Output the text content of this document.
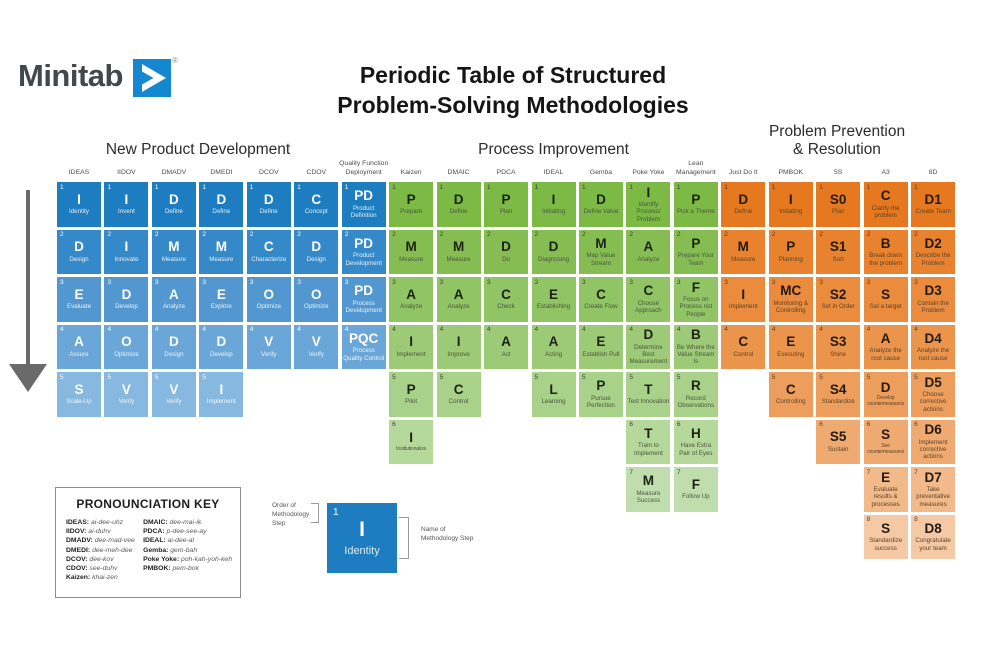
Minitab	®
Periodic Table of Structured
Problem-Solving Methodologies
New Product Development	Process Improvement
Problem Prevention & Resolution
IDEAS
1
I
Identity
2
D
Design
3
E
Evaluate
4
A
Assure
5
S
Scale-Up
IIDOV
1
I
Invent
2
I
Innovate
3
D
Develop
4
O
Optimize
5
V
Verify
DMADV
1
D
Define
2
M
Measure
3
A
Analyze
4
D
Design
5
V
Verify
DMEDI
1
D
Define
2
M
Measure
3
E
Explore
4
D
Develop
5
I
Implement
DCOV
1
D
Define
2
C
Characterize
3
O
Optimize
4
V
Verify
CDOV
1
C
Concept
2
D
Design
3
O
Optimize
4
V
Verify
Quality Function Deployment
1
PD
Product Definition
2
PD
Product Development
3
PD
Process Development
4
PQC
Process Quality Control
Kaizen
1
P
Prepare
2
M
Measure
3
A
Analyze
4
I
Implement
5
P
Pilot
6
I
Institutionalize
DMAIC
1
D
Define
2
M
Measure
3
A
Analyze
4
I
Improve
5
C
Control
PDCA
1
P
Plan
2
D
Do
3
C
Check
4
A
Act
IDEAL
1
I
Initiating
2
D
Diagnosing
3
E
Establishing
4
A
Acting
5
L
Learning
Gemba
1
D
Define Value
2
M
Map Value Stream
3
C
Create Flow
4
E
Establish Pull
5
P
Pursue Perfection
Poke Yoke
1 I
Identify Process/ Problem
2
A
Analyze
3
C
Choose Approach
4 D
Determine Best Measurement
5
T
Test Innovation
6
T
Train to Implement
7
M
Measure Success
Lean Management
1
P
Pick a Theme
2
P
Prepare Your Team
3 F
Focus on Process not People
4 B
Be Where the Value Stream Is
5
R
Record Observations
6
H
Have Extra Pair of Eyes
7
F
Follow Up
Just Do It
1
D
Define
2
M
Measure
3
I
Implement
4
C
Control
PMBOK
1
I
Initiating
2
P
Planning
3
MC
Monitoring & Controlling
4
E
Executing
5
C
Controlling
5S
1
S0
Plan
2
S1
Sort
3
S2
Set in Order
4
S3
Shine
5
S4
Standardize
6
S5
Sustain
A3
1
C
Clarify the problem
2
B
Break down the problem
3
S
Set a target
4
A
Analyze the root cause
5
D
Develop countermeasures
6
S
See countermeasures
7 E
Evaluate results & processes
8
S
Standardize success
8D
1
D1
Create Team
2
D2
Describe the Problem
3
D3
Contain the Problem
4
D4
Analyze the root cause
5 D5
Choose corrective actions
6 D6
Implement corrective actions
7 D7
Take preventative measures
8
D8
Congratulate your team
PRONOUNCIATION KEY
IDEAS: ai-dee-uhz
IIDOV: ai-duhv
DMADV: dee-mad-vee
DMEDI: dee-meh-dee
DCOV: dee-kov
CDOV: see-duhv
Kaizen: khai-zen
DMAIC: dee-mai-ik
PDCA: p-dee-see-ay
IDEAL: ai-dee-al
Gemba: gem-bah
Poke Yoke: poh-kah-yoh-keh
PMBOK: pem-bok
Order of Methodology Step
1
I
Identity
Name of Methodology Step
